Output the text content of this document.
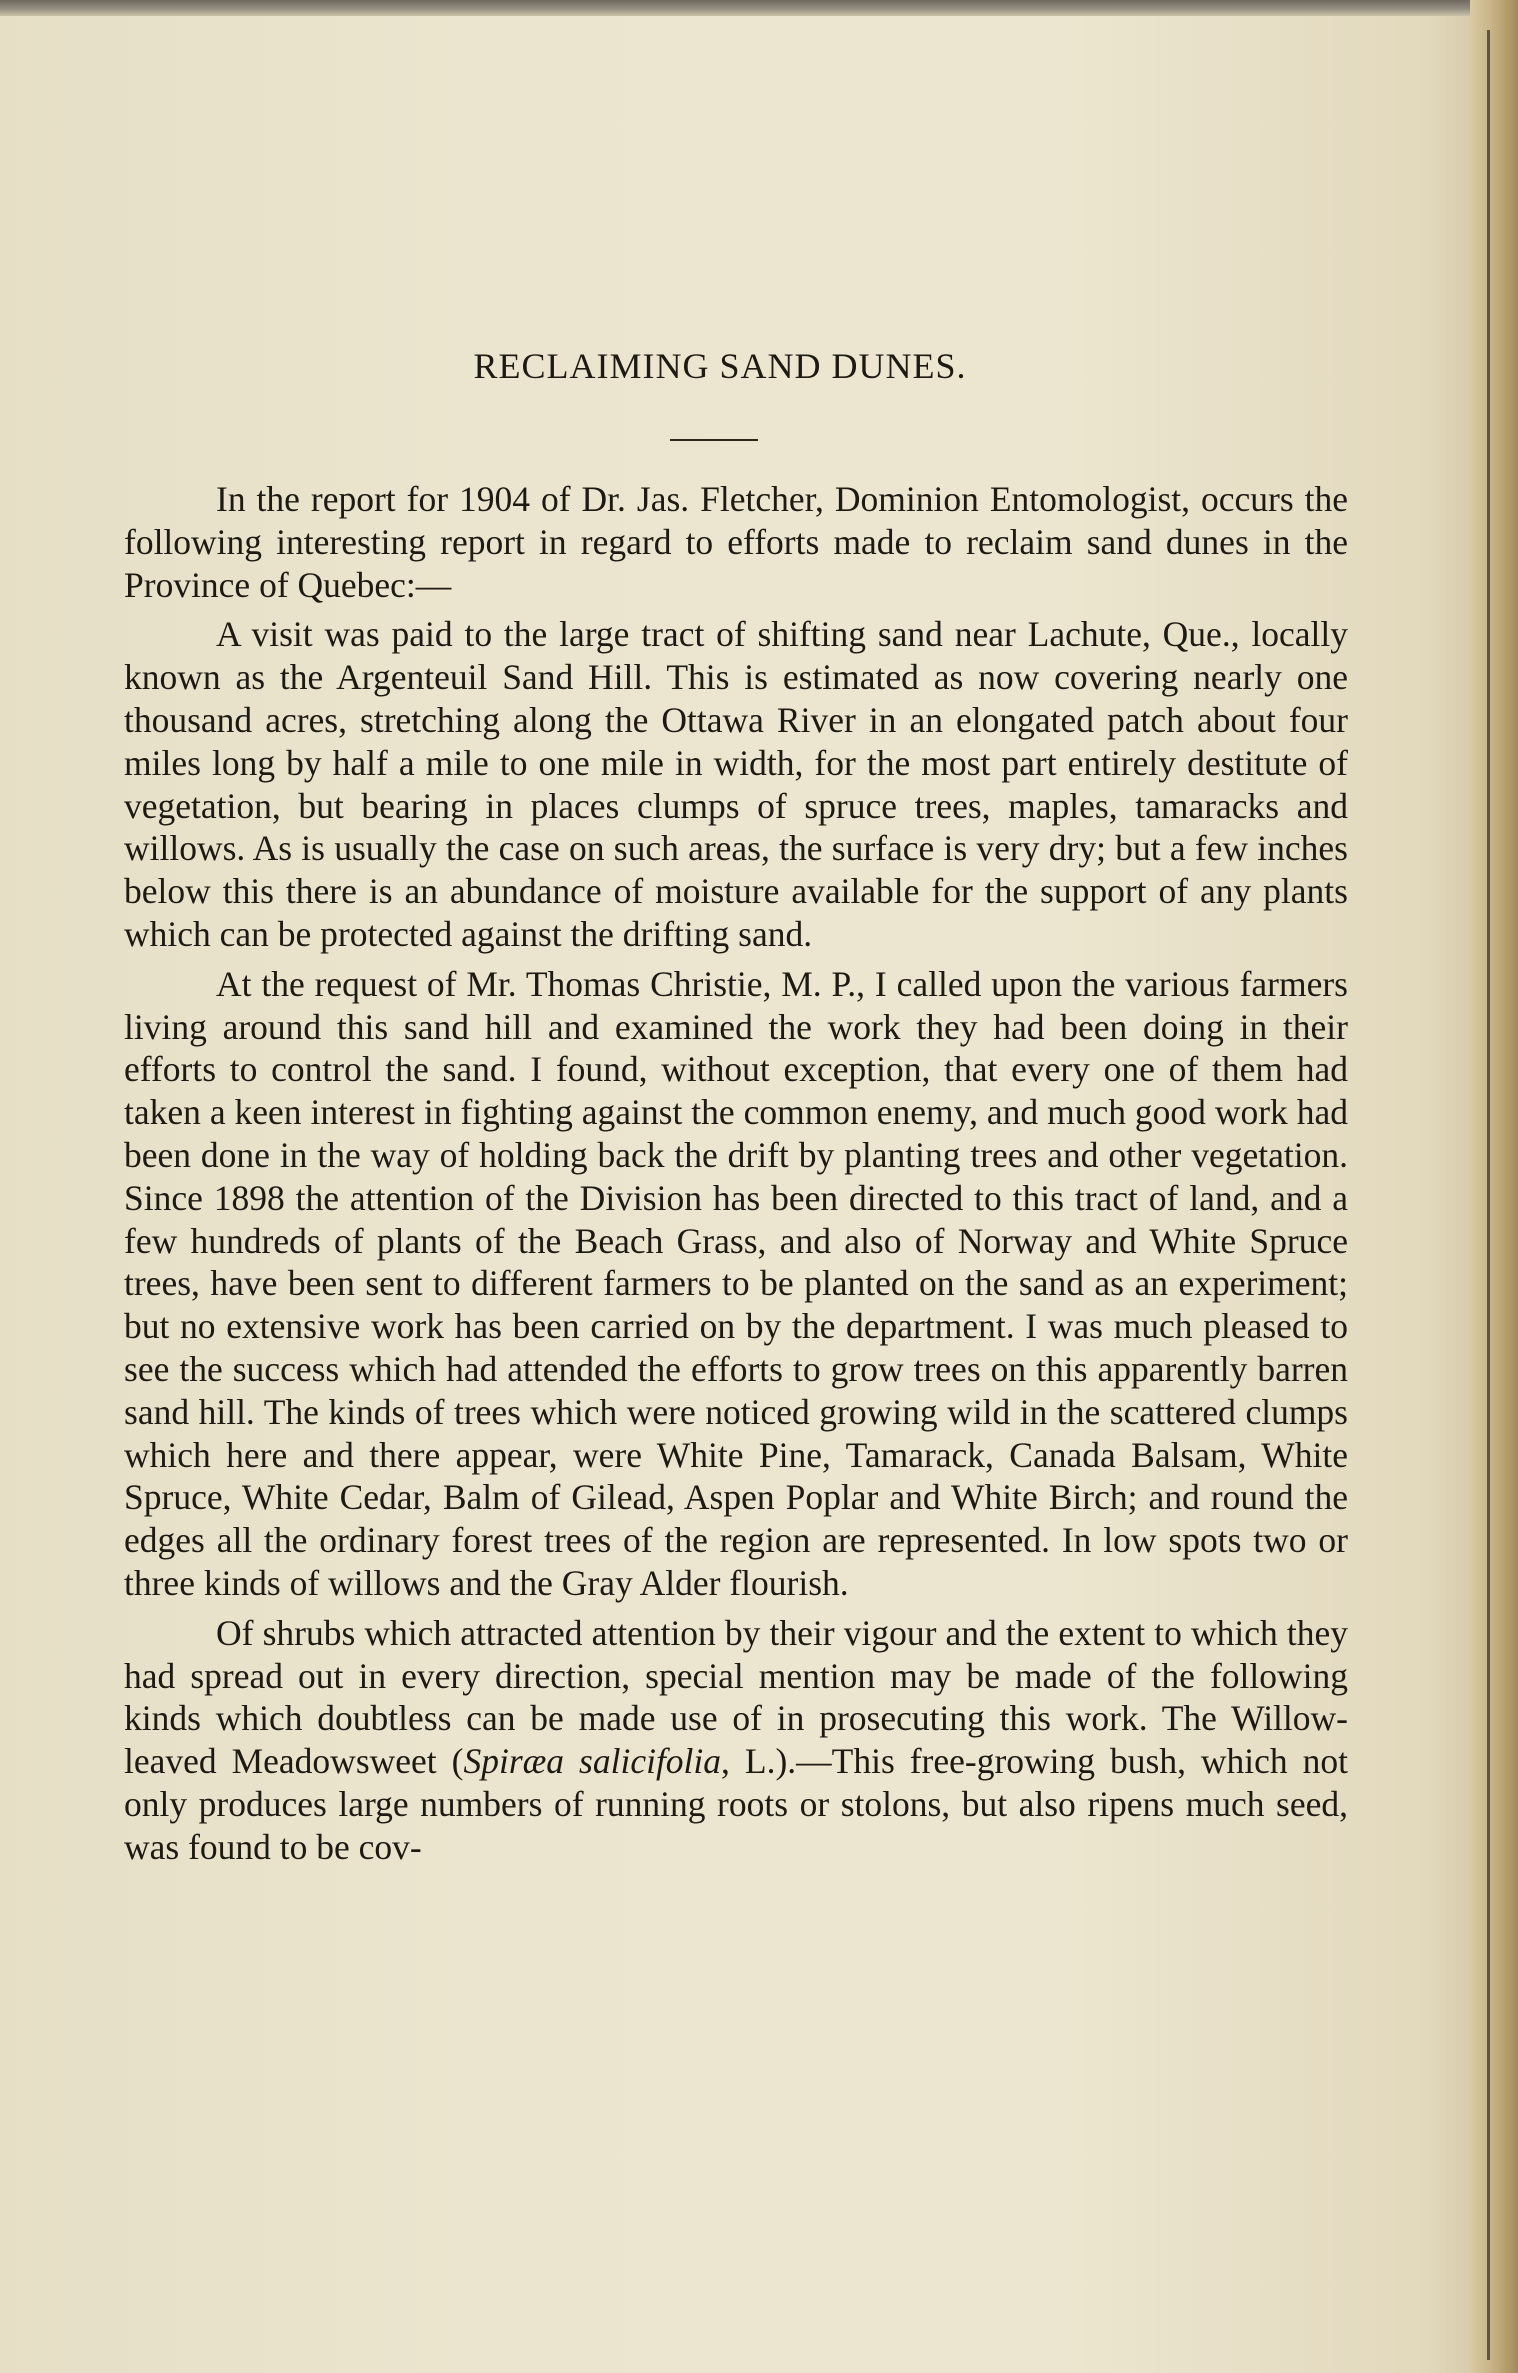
RECLAIMING SAND DUNES.

In the report for 1904 of Dr. Jas. Fletcher, Dominion Entomologist, occurs the following interesting report in regard to efforts made to reclaim sand dunes in the Province of Quebec:—

A visit was paid to the large tract of shifting sand near Lachute, Que., locally known as the Argenteuil Sand Hill. This is estimated as now covering nearly one thousand acres, stretching along the Ottawa River in an elongated patch about four miles long by half a mile to one mile in width, for the most part entirely destitute of vegetation, but bearing in places clumps of spruce trees, maples, tamaracks and willows. As is usually the case on such areas, the surface is very dry; but a few inches below this there is an abundance of moisture available for the support of any plants which can be protected against the drifting sand.

At the request of Mr. Thomas Christie, M. P., I called upon the various farmers living around this sand hill and examined the work they had been doing in their efforts to control the sand. I found, without exception, that every one of them had taken a keen interest in fighting against the common enemy, and much good work had been done in the way of holding back the drift by planting trees and other vegetation. Since 1898 the attention of the Division has been directed to this tract of land, and a few hundreds of plants of the Beach Grass, and also of Norway and White Spruce trees, have been sent to different farmers to be planted on the sand as an experiment; but no extensive work has been carried on by the department. I was much pleased to see the success which had attended the efforts to grow trees on this apparently barren sand hill. The kinds of trees which were noticed growing wild in the scattered clumps which here and there appear, were White Pine, Tamarack, Canada Balsam, White Spruce, White Cedar, Balm of Gilead, Aspen Poplar and White Birch; and round the edges all the ordinary forest trees of the region are represented. In low spots two or three kinds of willows and the Gray Alder flourish.

Of shrubs which attracted attention by their vigour and the extent to which they had spread out in every direction, special mention may be made of the following kinds which doubtless can be made use of in prosecuting this work. The Willow-leaved Meadowsweet (Spiræa salicifolia, L.).—This free-growing bush, which not only produces large numbers of running roots or stolons, but also ripens much seed, was found to be cov-
